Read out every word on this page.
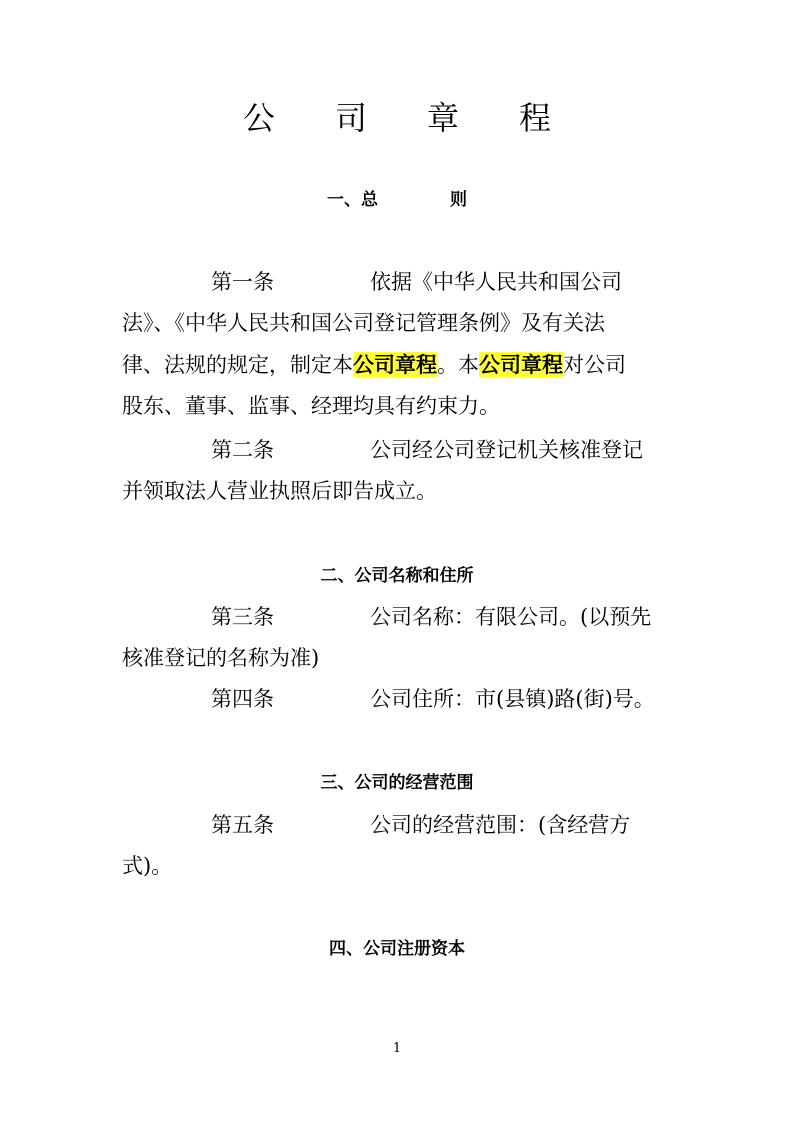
公 司 章 程
一、总	则
第一条	依据《中华人民共和国公司
法》、《中华人民共和国公司登记管理条例》及有关法
律、法规的规定，制定本公司章程。本公司章程对公司
股东、董事、监事、经理均具有约束力。
第二条	公司经公司登记机关核准登记
并领取法人营业执照后即告成立。
二、公司名称和住所
第三条	公司名称：有限公司。(以预先
核准登记的名称为准)
第四条	公司住所：市(县镇)路(街)号。
三、公司的经营范围
第五条	公司的经营范围：(含经营方
式)。
四、公司注册资本
1
